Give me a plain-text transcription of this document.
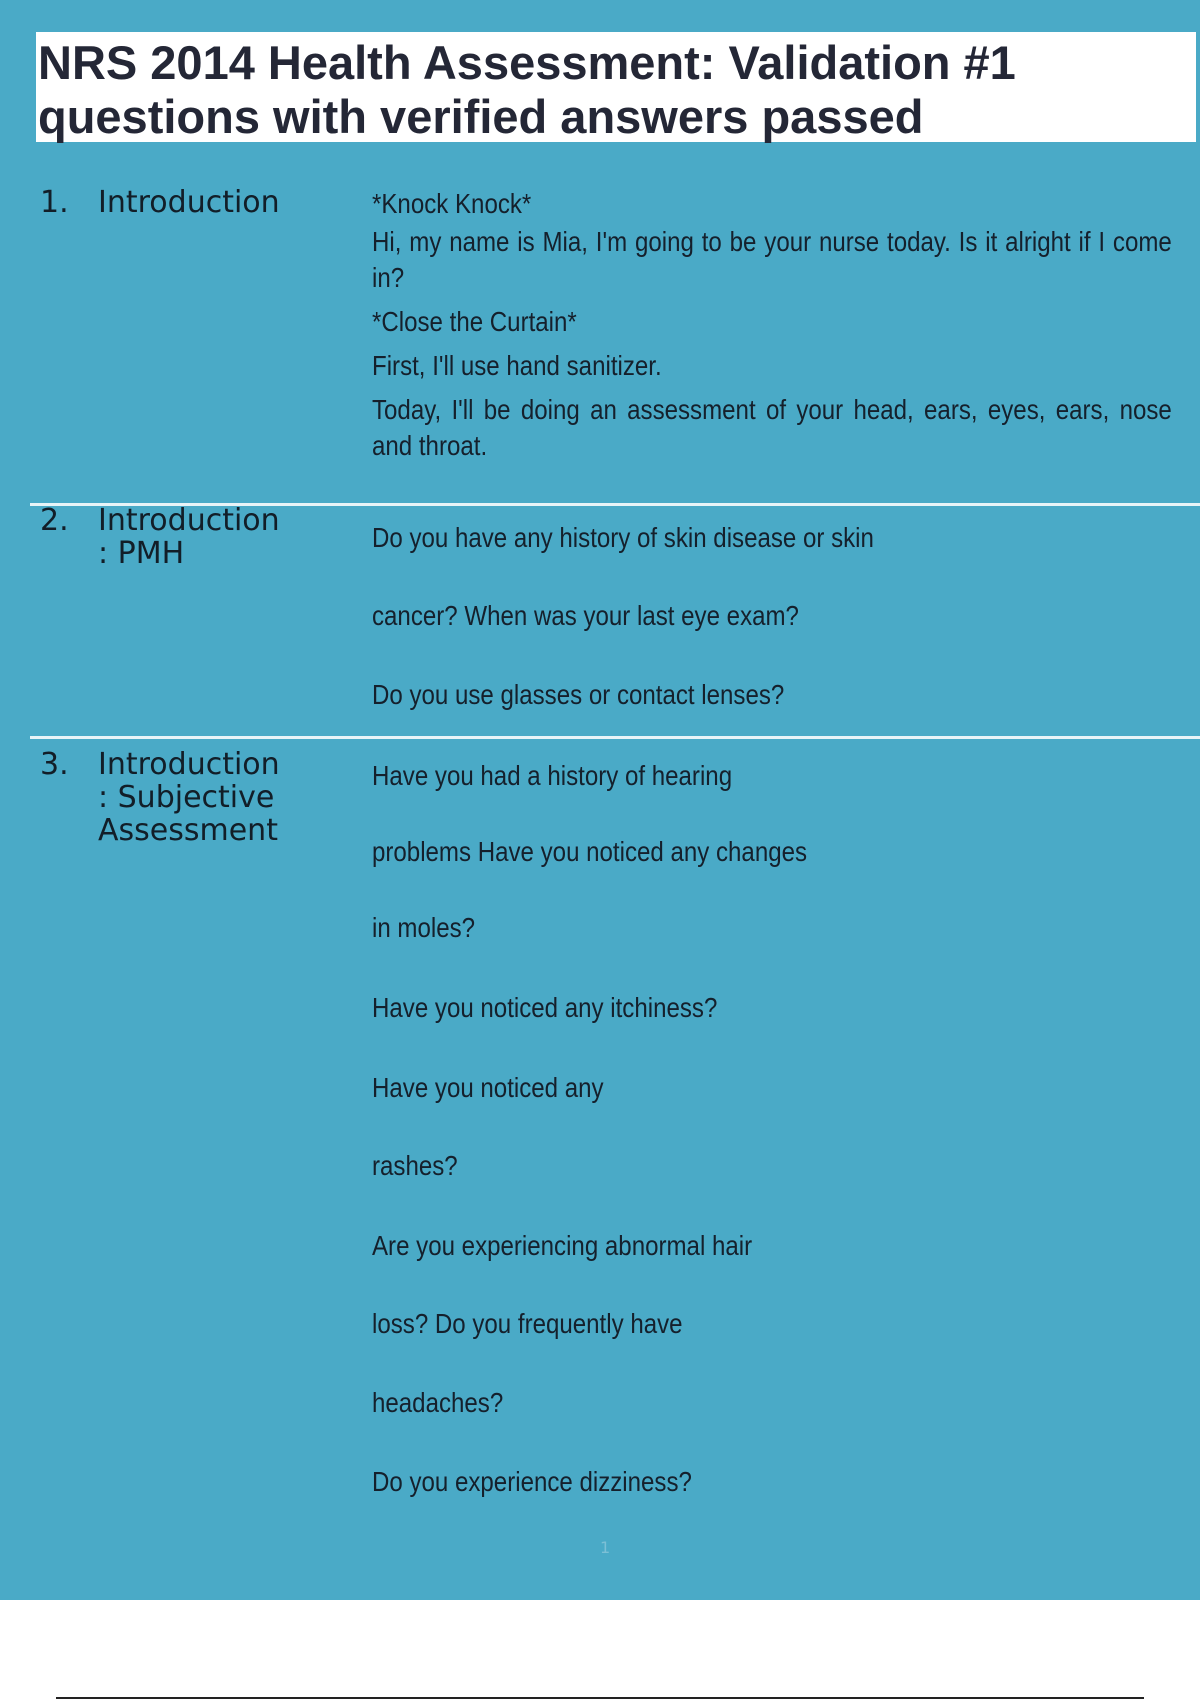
NRS 2014 Health Assessment: Validation #1
questions with verified answers passed
1. Introduction	*Knock Knock*

Hi, my name is Mia, I'm going to be your nurse today. Is it alright if I come in?

*Close the Curtain*

First, I'll use hand sanitizer.

Today, I'll be doing an assessment of your head, ears, eyes, ears, nose and throat.

2. Introduction
: PMH	Do you have any history of skin disease or skin

cancer? When was your last eye exam?

Do you use glasses or contact lenses?

3. Introduction
: Subjective
Assessment

Have you had a history of hearing

problems Have you noticed any changes

in moles?

Have you noticed any itchiness?

Have you noticed any

rashes?

Are you experiencing abnormal hair

loss? Do you frequently have

headaches?

Do you experience dizziness?

1
